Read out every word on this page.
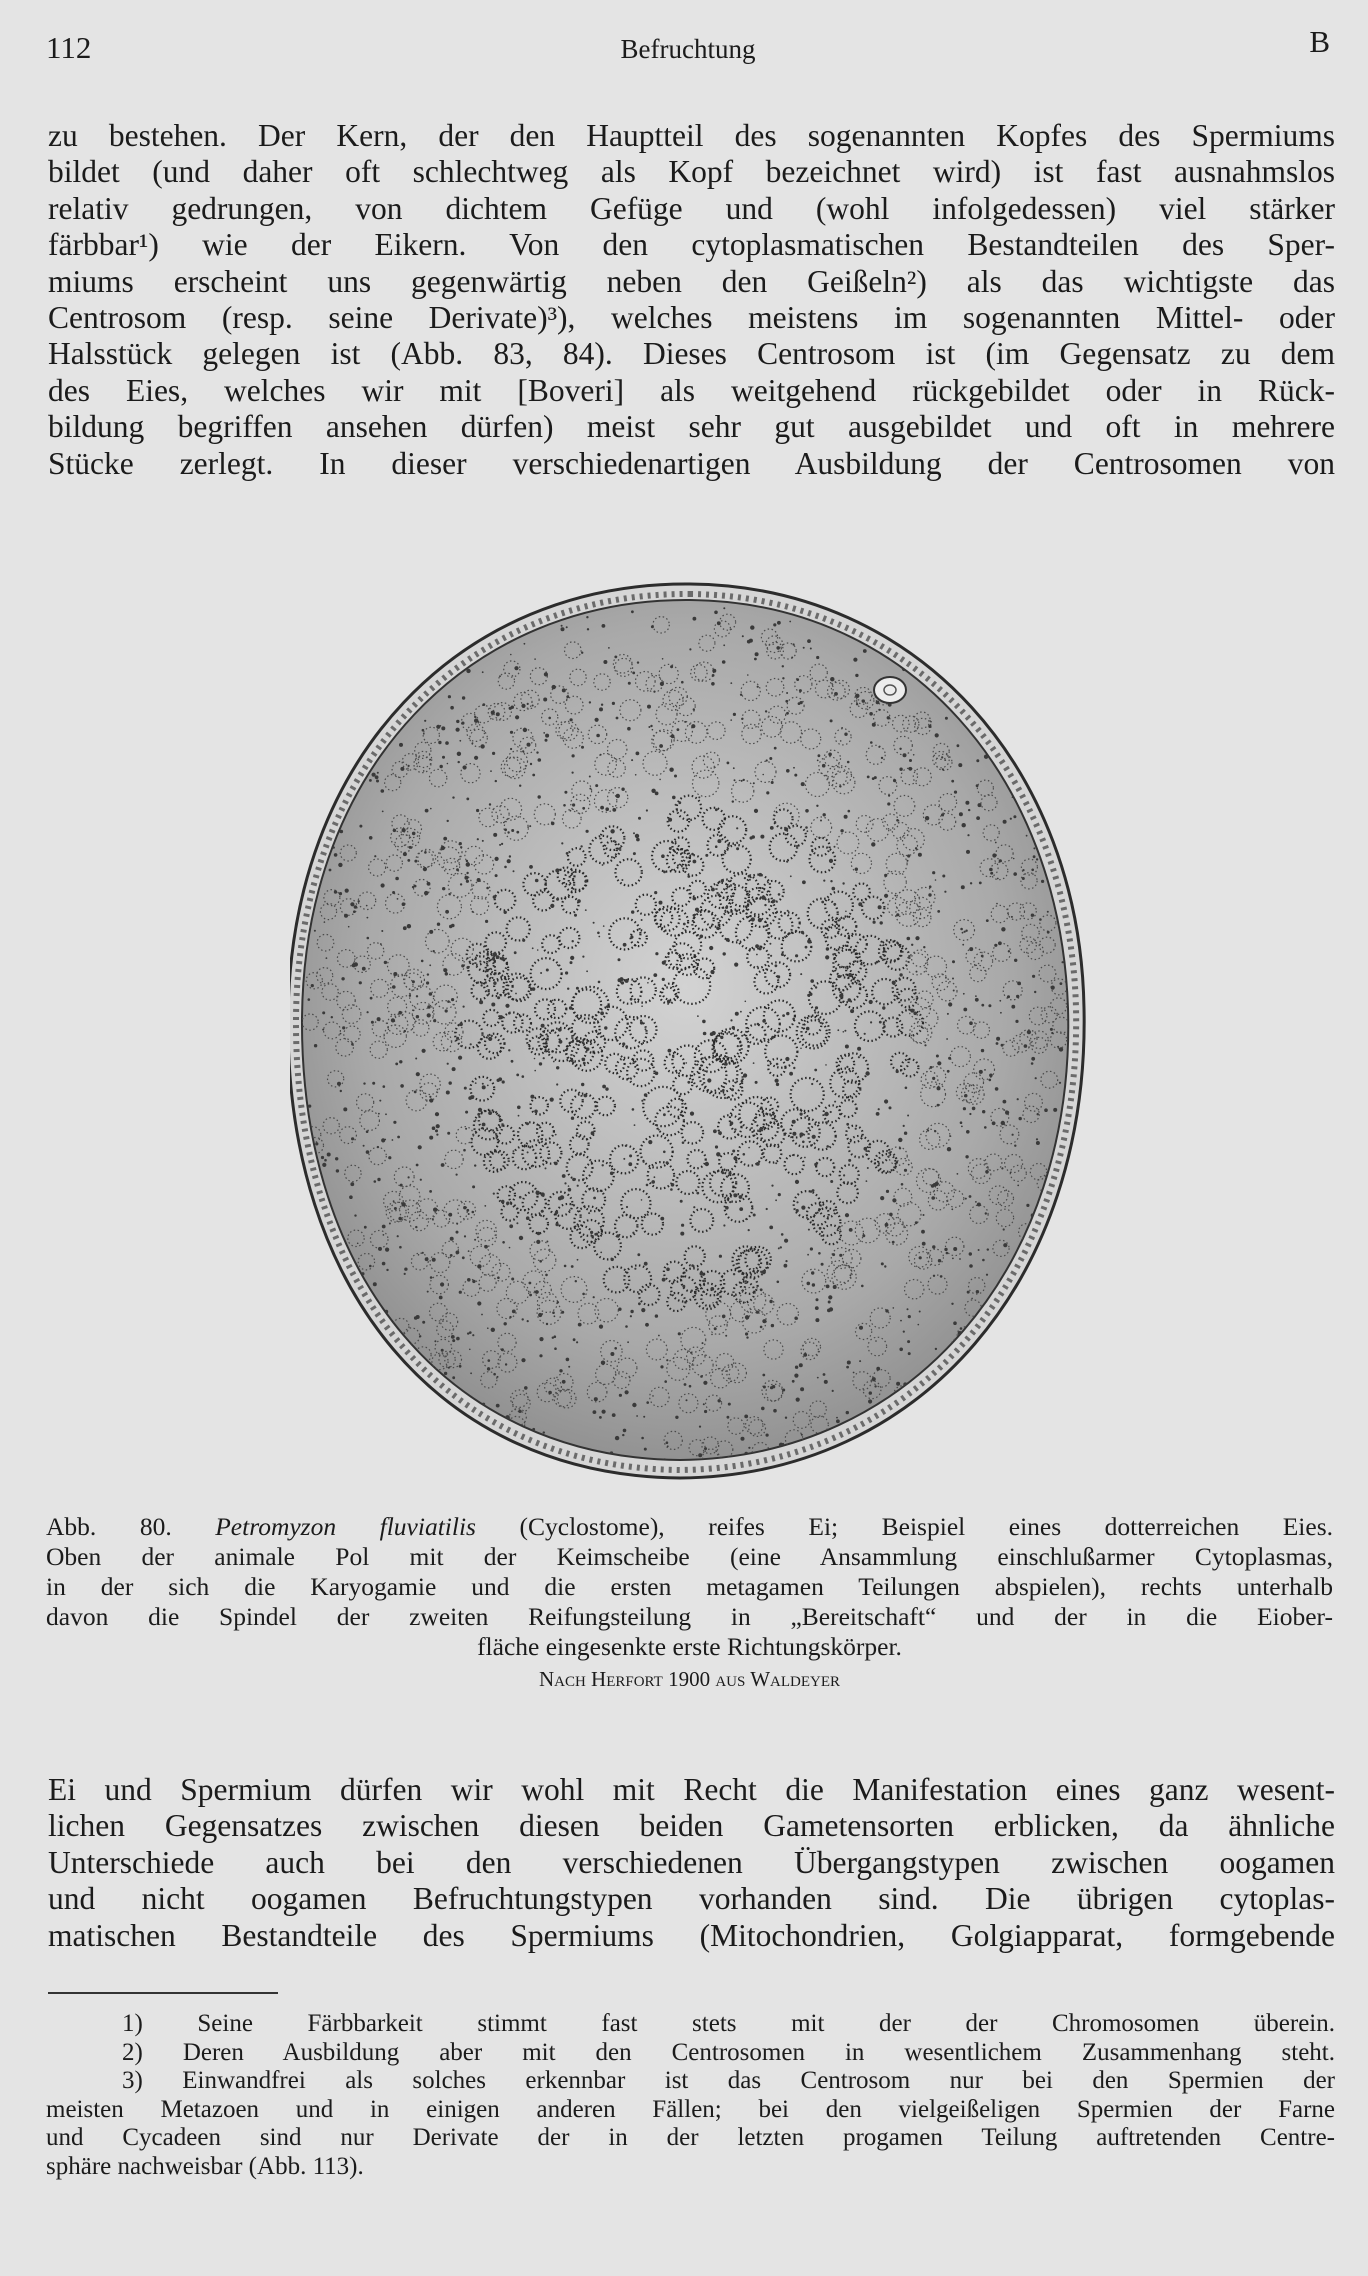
112	Befruchtung	B
zu bestehen. Der Kern, der den Hauptteil des sogenannten Kopfes des Spermiums
bildet (und daher oft schlechtweg als Kopf bezeichnet wird) ist fast ausnahmslos
relativ gedrungen, von dichtem Gefüge und (wohl infolgedessen) viel stärker
färbbar¹) wie der Eikern. Von den cytoplasmatischen Bestandteilen des Sper-
miums erscheint uns gegenwärtig neben den Geißeln²) als das wichtigste das
Centrosom (resp. seine Derivate)³), welches meistens im sogenannten Mittel- oder
Halsstück gelegen ist (Abb. 83, 84). Dieses Centrosom ist (im Gegensatz zu dem
des Eies, welches wir mit [Boveri] als weitgehend rückgebildet oder in Rück-
bildung begriffen ansehen dürfen) meist sehr gut ausgebildet und oft in mehrere
Stücke zerlegt. In dieser verschiedenartigen Ausbildung der Centrosomen von
Abb. 80. Petromyzon fluviatilis (Cyclostome), reifes Ei; Beispiel eines dotterreichen Eies.
Oben der animale Pol mit der Keimscheibe (eine Ansammlung einschlußarmer Cytoplasmas,
in der sich die Karyogamie und die ersten metagamen Teilungen abspielen), rechts unterhalb
davon die Spindel der zweiten Reifungsteilung in „Bereitschaft“ und der in die Eiober-
fläche eingesenkte erste Richtungskörper.
Nach Herfort 1900 aus Waldeyer
Ei und Spermium dürfen wir wohl mit Recht die Manifestation eines ganz wesent-
lichen Gegensatzes zwischen diesen beiden Gametensorten erblicken, da ähnliche
Unterschiede auch bei den verschiedenen Übergangstypen zwischen oogamen
und nicht oogamen Befruchtungstypen vorhanden sind. Die übrigen cytoplas-
matischen Bestandteile des Spermiums (Mitochondrien, Golgiapparat, formgebende
1) Seine Färbbarkeit stimmt fast stets mit der der Chromosomen überein.
2) Deren Ausbildung aber mit den Centrosomen in wesentlichem Zusammenhang steht.
3) Einwandfrei als solches erkennbar ist das Centrosom nur bei den Spermien der
meisten Metazoen und in einigen anderen Fällen; bei den vielgeißeligen Spermien der Farne
und Cycadeen sind nur Derivate der in der letzten progamen Teilung auftretenden Centre-
sphäre nachweisbar (Abb. 113).
